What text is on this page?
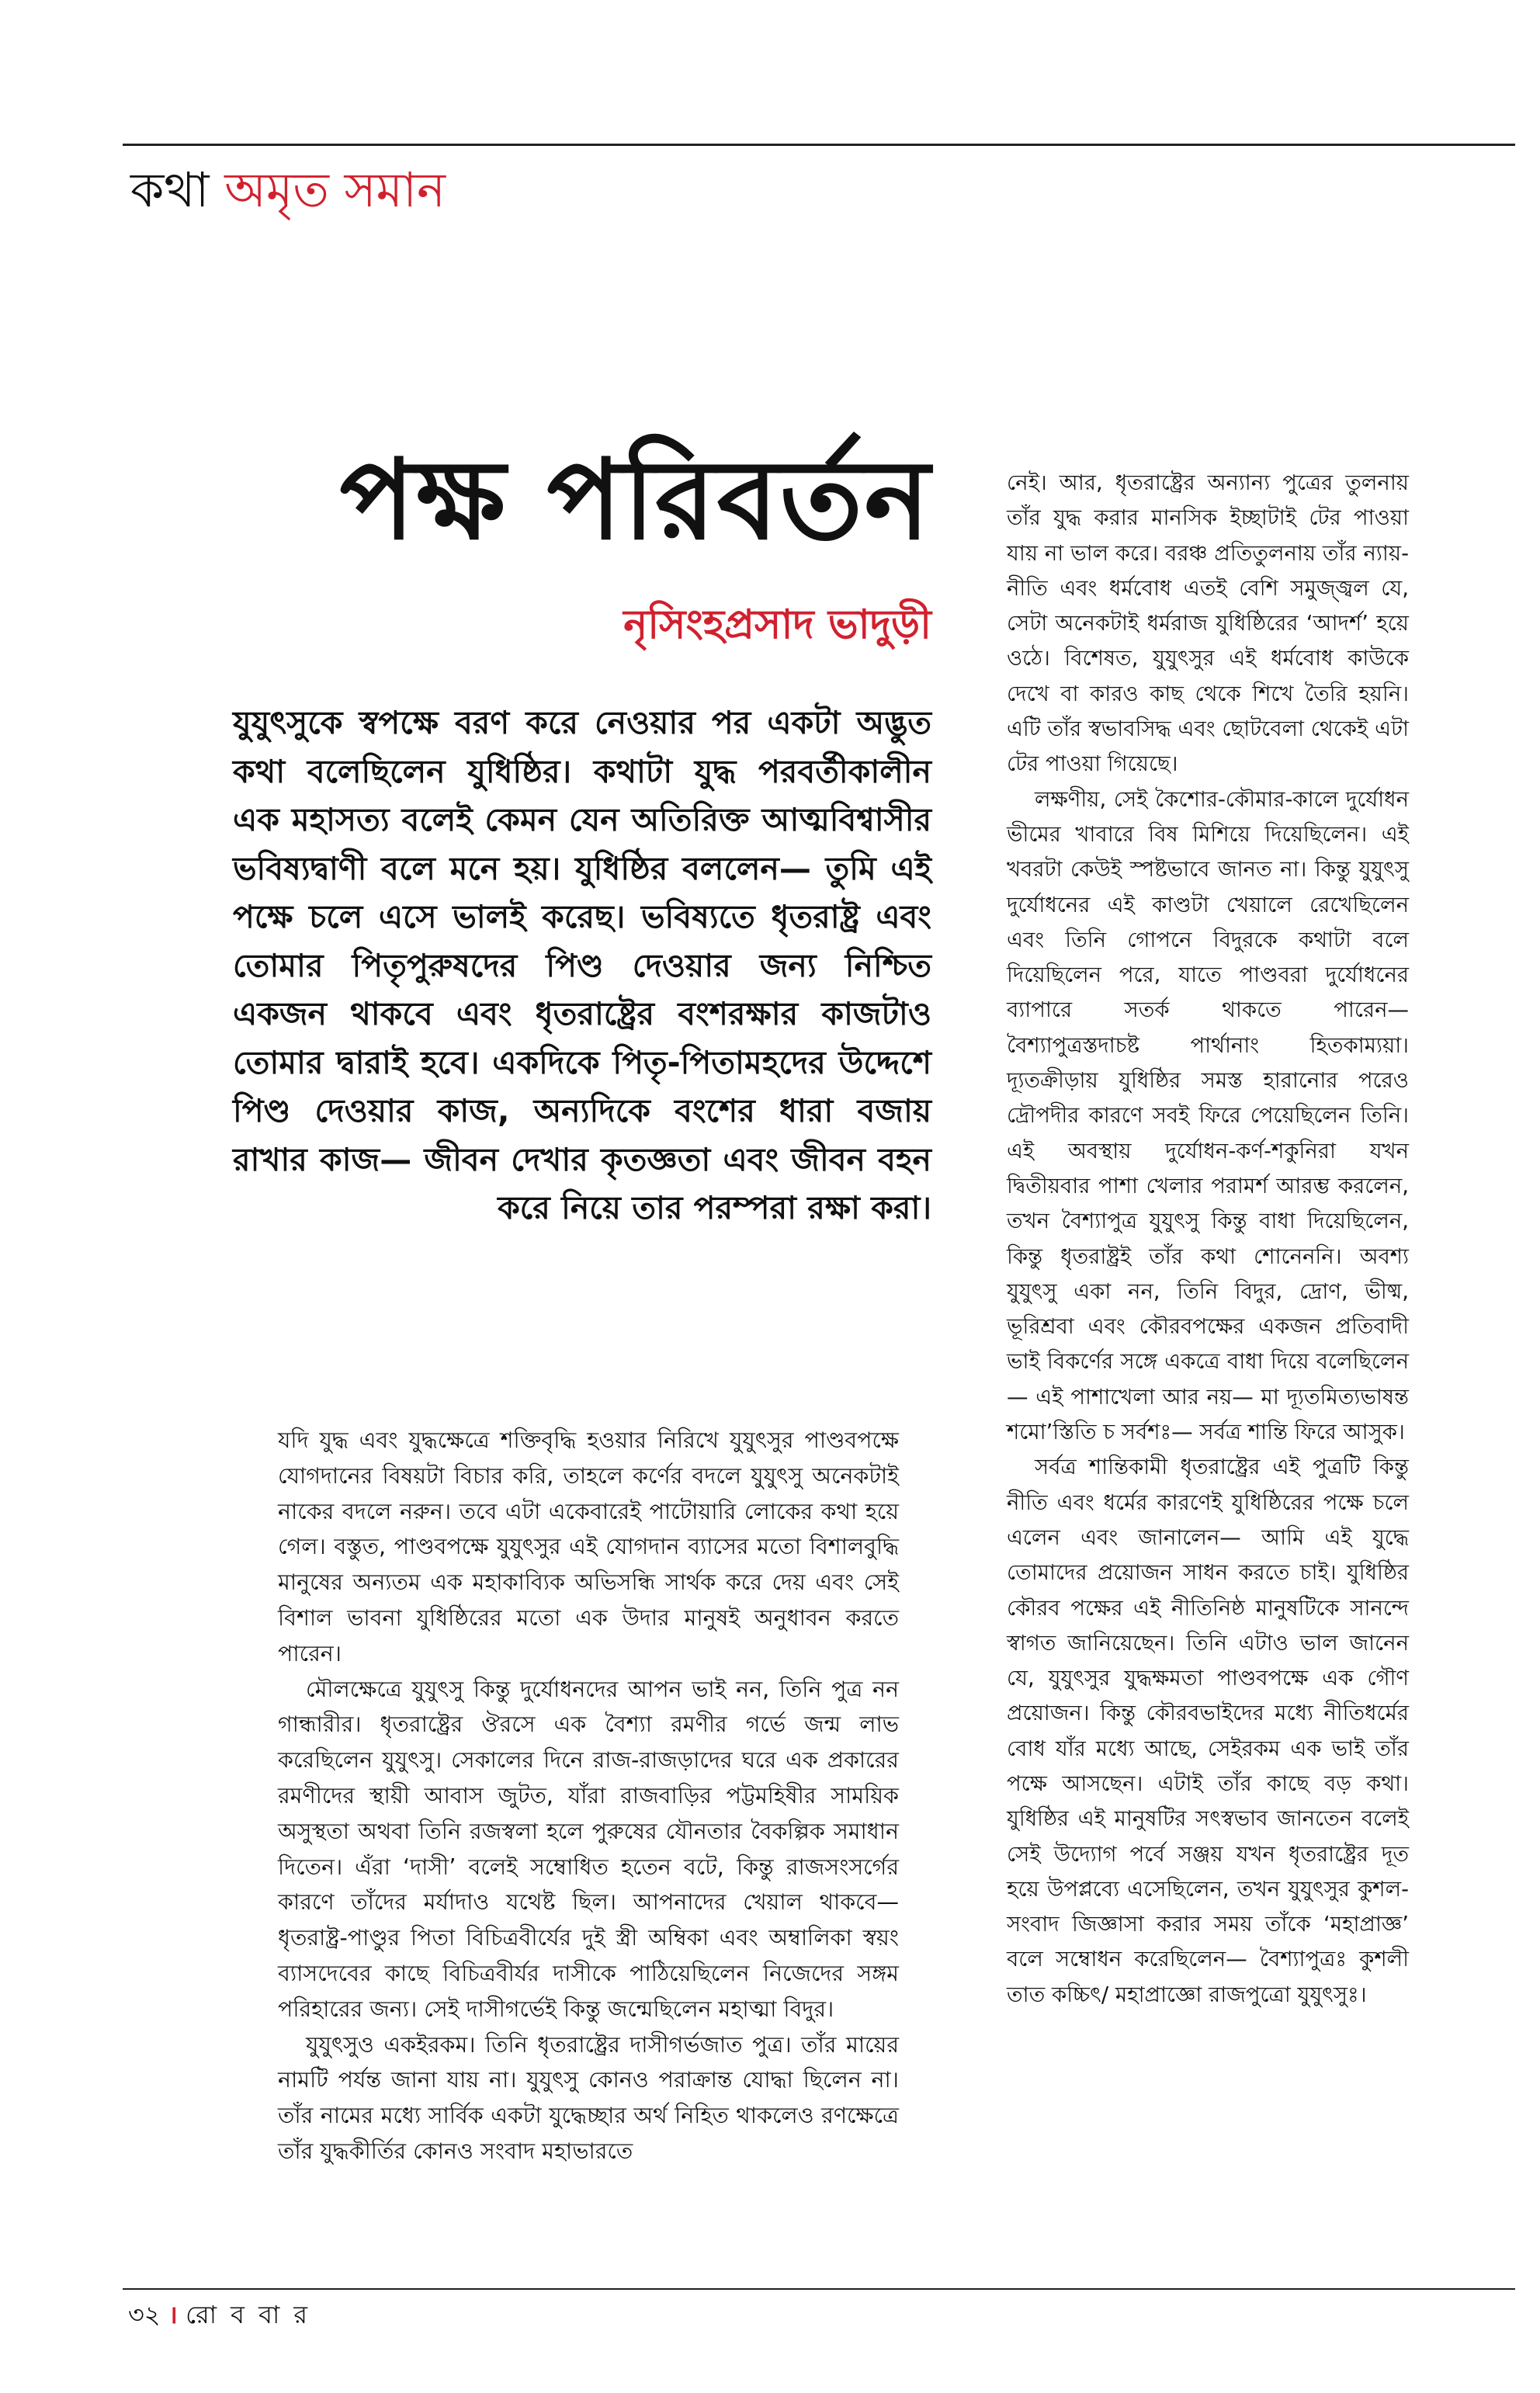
কথা অমৃত সমান
পক্ষ পরিবর্তন
নৃসিংহপ্রসাদ ভাদুড়ী
যুযুৎসুকে স্বপক্ষে বরণ করে নেওয়ার পর একটা অদ্ভুত কথা বলেছিলেন যুধিষ্ঠির। কথাটা যুদ্ধ পরবর্তীকালীন এক মহাসত্য বলেই কেমন যেন অতিরিক্ত আত্মবিশ্বাসীর ভবিষ্যদ্বাণী বলে মনে হয়। যুধিষ্ঠির বললেন— তুমি এই পক্ষে চলে এসে ভালই করেছ। ভবিষ্যতে ধৃতরাষ্ট্র এবং তোমার পিতৃপুরুষদের পিণ্ড দেওয়ার জন্য নিশ্চিত একজন থাকবে এবং ধৃতরাষ্ট্রের বংশরক্ষার কাজটাও তোমার দ্বারাই হবে। একদিকে পিতৃ-পিতামহদের উদ্দেশে পিণ্ড দেওয়ার কাজ, অন্যদিকে বংশের ধারা বজায় রাখার কাজ— জীবন দেখার কৃতজ্ঞতা এবং জীবন বহন করে নিয়ে তার পরম্পরা রক্ষা করা।

যদি যুদ্ধ এবং যুদ্ধক্ষেত্রে শক্তিবৃদ্ধি হওয়ার নিরিখে যুযুৎসুর পাণ্ডবপক্ষে যোগদানের বিষয়টা বিচার করি, তাহলে কর্ণের বদলে যুযুৎসু অনেকটাই নাকের বদলে নরুন। তবে এটা একেবারেই পাটোয়ারি লোকের কথা হয়ে গেল। বস্তুত, পাণ্ডবপক্ষে যুযুৎসুর এই যোগদান ব্যাসের মতো বিশালবুদ্ধি মানুষের অন্যতম এক মহাকাব্যিক অভিসন্ধি সার্থক করে দেয় এবং সেই বিশাল ভাবনা যুধিষ্ঠিরের মতো এক উদার মানুষই অনুধাবন করতে পারেন।

মৌলক্ষেত্রে যুযুৎসু কিন্তু দুর্যোধনদের আপন ভাই নন, তিনি পুত্র নন গান্ধারীর। ধৃতরাষ্ট্রের ঔরসে এক বৈশ্যা রমণীর গর্ভে জন্ম লাভ করেছিলেন যুযুৎসু। সেকালের দিনে রাজ-রাজড়াদের ঘরে এক প্রকারের রমণীদের স্থায়ী আবাস জুটত, যাঁরা রাজবাড়ির পট্টমহিষীর সাময়িক অসুস্থতা অথবা তিনি রজস্বলা হলে পুরুষের যৌনতার বৈকল্পিক সমাধান দিতেন। এঁরা ‘দাসী’ বলেই সম্বোধিত হতেন বটে, কিন্তু রাজসংসর্গের কারণে তাঁদের মর্যাদাও যথেষ্ট ছিল। আপনাদের খেয়াল থাকবে— ধৃতরাষ্ট্র-পাণ্ডুর পিতা বিচিত্রবীর্যের দুই স্ত্রী অম্বিকা এবং অম্বালিকা স্বয়ং ব্যাসদেবের কাছে বিচিত্রবীর্যর দাসীকে পাঠিয়েছিলেন নিজেদের সঙ্গম পরিহারের জন্য। সেই দাসীগর্ভেই কিন্তু জন্মেছিলেন মহাত্মা বিদুর।

যুযুৎসুও একইরকম। তিনি ধৃতরাষ্ট্রের দাসীগর্ভজাত পুত্র। তাঁর মায়ের নামটি পর্যন্ত জানা যায় না। যুযুৎসু কোনও পরাক্রান্ত যোদ্ধা ছিলেন না। তাঁর নামের মধ্যে সার্বিক একটা যুদ্ধেচ্ছার অর্থ নিহিত থাকলেও রণক্ষেত্রে তাঁর যুদ্ধকীর্তির কোনও সংবাদ মহাভারতে

নেই। আর, ধৃতরাষ্ট্রের অন্যান্য পুত্রের তুলনায় তাঁর যুদ্ধ করার মানসিক ইচ্ছাটাই টের পাওয়া যায় না ভাল করে। বরঞ্চ প্রতিতুলনায় তাঁর ন্যায়-নীতি এবং ধর্মবোধ এতই বেশি সমুজ্জ্বল যে, সেটা অনেকটাই ধর্মরাজ যুধিষ্ঠিরের ‘আদর্শ’ হয়ে ওঠে। বিশেষত, যুযুৎসুর এই ধর্মবোধ কাউকে দেখে বা কারও কাছ থেকে শিখে তৈরি হয়নি। এটি তাঁর স্বভাবসিদ্ধ এবং ছোটবেলা থেকেই এটা টের পাওয়া গিয়েছে।

লক্ষণীয়, সেই কৈশোর-কৌমার-কালে দুর্যোধন ভীমের খাবারে বিষ মিশিয়ে দিয়েছিলেন। এই খবরটা কেউই স্পষ্টভাবে জানত না। কিন্তু যুযুৎসু দুর্যোধনের এই কাণ্ডটা খেয়ালে রেখেছিলেন এবং তিনি গোপনে বিদুরকে কথাটা বলে দিয়েছিলেন পরে, যাতে পাণ্ডবরা দুর্যোধনের ব্যাপারে সতর্ক থাকতে পারেন— বৈশ্যাপুত্রস্তদাচষ্ট পার্থানাং হিতকাম্যয়া। দ্যূতক্রীড়ায় যুধিষ্ঠির সমস্ত হারানোর পরেও দ্রৌপদীর কারণে সবই ফিরে পেয়েছিলেন তিনি। এই অবস্থায় দুর্যোধন-কর্ণ-শকুনিরা যখন দ্বিতীয়বার পাশা খেলার পরামর্শ আরম্ভ করলেন, তখন বৈশ্যাপুত্র যুযুৎসু কিন্তু বাধা দিয়েছিলেন, কিন্তু ধৃতরাষ্ট্রই তাঁর কথা শোনেননি। অবশ্য যুযুৎসু একা নন, তিনি বিদুর, দ্রোণ, ভীষ্ম, ভূরিশ্রবা এবং কৌরবপক্ষের একজন প্রতিবাদী ভাই বিকর্ণের সঙ্গে একত্রে বাধা দিয়ে বলেছিলেন— এই পাশাখেলা আর নয়— মা দ্যূতমিত্যভাষন্ত শমো’স্তিতি চ সর্বশঃ— সর্বত্র শান্তি ফিরে আসুক।

সর্বত্র শান্তিকামী ধৃতরাষ্ট্রের এই পুত্রটি কিন্তু নীতি এবং ধর্মের কারণেই যুধিষ্ঠিরের পক্ষে চলে এলেন এবং জানালেন— আমি এই যুদ্ধে তোমাদের প্রয়োজন সাধন করতে চাই। যুধিষ্ঠির কৌরব পক্ষের এই নীতিনিষ্ঠ মানুষটিকে সানন্দে স্বাগত জানিয়েছেন। তিনি এটাও ভাল জানেন যে, যুযুৎসুর যুদ্ধক্ষমতা পাণ্ডবপক্ষে এক গৌণ প্রয়োজন। কিন্তু কৌরবভাইদের মধ্যে নীতিধর্মের বোধ যাঁর মধ্যে আছে, সেইরকম এক ভাই তাঁর পক্ষে আসছেন। এটাই তাঁর কাছে বড় কথা। যুধিষ্ঠির এই মানুষটির সৎস্বভাব জানতেন বলেই সেই উদ্যোগ পর্বে সঞ্জয় যখন ধৃতরাষ্ট্রের দূত হয়ে উপপ্লব্যে এসেছিলেন, তখন যুযুৎসুর কুশল-সংবাদ জিজ্ঞাসা করার সময় তাঁকে ‘মহাপ্রাজ্ঞ’ বলে সম্বোধন করেছিলেন— বৈশ্যাপুত্রঃ কুশলী তাত কচ্চিৎ/ মহাপ্রাজ্ঞো রাজপুত্রো যুযুৎসুঃ।

৩২ । রো ব বা র
